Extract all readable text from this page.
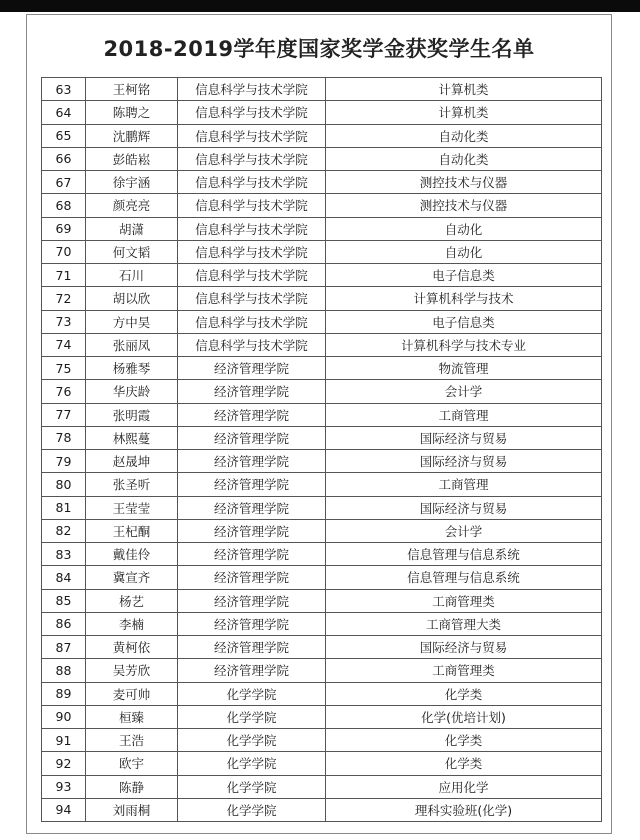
2018-2019学年度国家奖学金获奖学生名单
63	王柯铭	信息科学与技术学院	计算机类
64	陈聘之	信息科学与技术学院	计算机类
65	沈鹏辉	信息科学与技术学院	自动化类
66	彭皓崧	信息科学与技术学院	自动化类
67	徐宇涵	信息科学与技术学院	测控技术与仪器
68	颜亮亮	信息科学与技术学院	测控技术与仪器
69	胡潇	信息科学与技术学院	自动化
70	何文韬	信息科学与技术学院	自动化
71	石川	信息科学与技术学院	电子信息类
72	胡以欣	信息科学与技术学院	计算机科学与技术
73	方中昊	信息科学与技术学院	电子信息类
74	张丽凤	信息科学与技术学院	计算机科学与技术专业
75	杨雅琴	经济管理学院	物流管理
76	华庆龄	经济管理学院	会计学
77	张明霞	经济管理学院	工商管理
78	林熙蔓	经济管理学院	国际经济与贸易
79	赵晟坤	经济管理学院	国际经济与贸易
80	张圣听	经济管理学院	工商管理
81	王莹莹	经济管理学院	国际经济与贸易
82	王杞酮	经济管理学院	会计学
83	戴佳伶	经济管理学院	信息管理与信息系统
84	冀宣齐	经济管理学院	信息管理与信息系统
85	杨艺	经济管理学院	工商管理类
86	李楠	经济管理学院	工商管理大类
87	黄柯依	经济管理学院	国际经济与贸易
88	吴芳欣	经济管理学院	工商管理类
89	麦可帅	化学学院	化学类
90	桓臻	化学学院	化学(优培计划)
91	王浩	化学学院	化学类
92	欧宇	化学学院	化学类
93	陈静	化学学院	应用化学
94	刘雨桐	化学学院	理科实验班(化学)
